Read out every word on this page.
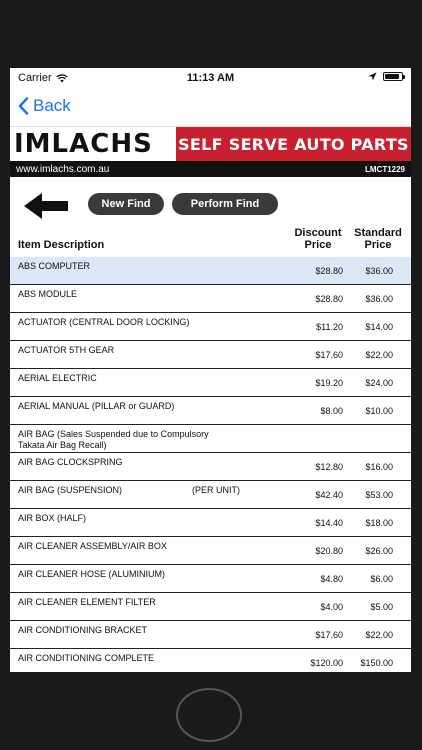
Carrier	11:13 AM
Back
IMLACHS	SELF SERVE AUTO PARTS
www.imlachs.com.au	LMCT1229
New Find	Perform Find
Item Description
Discount
Price
Standard
Price
ABS COMPUTER	$28.80 $36.00
ABS MODULE	$28.80 $36.00
ACTUATOR (CENTRAL DOOR LOCKING)	$11.20 $14.00
ACTUATOR 5TH GEAR	$17.60 $22.00
AERIAL ELECTRIC	$19.20 $24.00
AERIAL MANUAL (PILLAR or GUARD)	$8.00 $10.00
AIR BAG (Sales Suspended due to Compulsory
Takata Air Bag Recall)
AIR BAG CLOCKSPRING	$12.80 $16.00
AIR BAG (SUSPENSION)	(PER UNIT)	$42.40 $53.00
AIR BOX (HALF)	$14.40 $18.00
AIR CLEANER ASSEMBLY/AIR BOX	$20.80 $26.00
AIR CLEANER HOSE (ALUMINIUM)	$4.80	$6.00
AIR CLEANER ELEMENT FILTER	$4.00	$5.00
AIR CONDITIONING BRACKET	$17.60 $22.00
AIR CONDITIONING COMPLETE	$120.00 $150.00
